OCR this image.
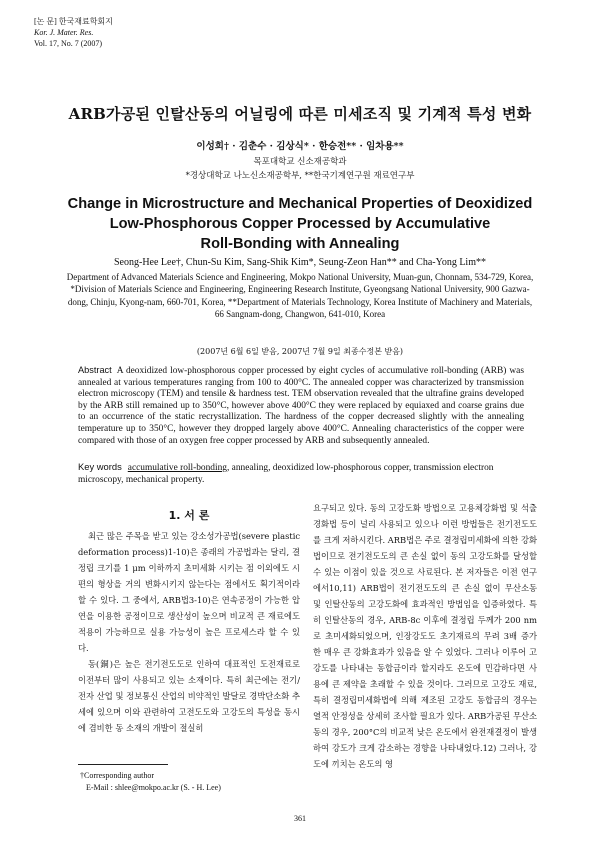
[논 문] 한국재료학회지
Kor. J. Mater. Res.
Vol. 17, No. 7 (2007)
ARB가공된 인탈산동의 어닐링에 따른 미세조직 및 기계적 특성 변화
이성희† · 김춘수 · 김상식* · 한승전** · 임차용**
목포대학교 신소재공학과
*경상대학교 나노신소재공학부, **한국기계연구원 재료연구부
Change in Microstructure and Mechanical Properties of Deoxidized
Low-Phosphorous Copper Processed by Accumulative
Roll-Bonding with Annealing
Seong-Hee Lee†, Chun-Su Kim, Sang-Shik Kim*, Seung-Zeon Han** and Cha-Yong Lim**
Department of Advanced Materials Science and Engineering, Mokpo National University, Muan-gun, Chonnam, 534-729, Korea, *Division of Materials Science and Engineering, Engineering Research Institute, Gyeongsang National University, 900 Gazwa-dong, Chinju, Kyong-nam, 660-701, Korea, **Department of Materials Technology, Korea Institute of Machinery and Materials, 66 Sangnam-dong, Changwon, 641-010, Korea
(2007년 6월 6일 받음, 2007년 7월 9일 최종수정본 받음)
Abstract A deoxidized low-phosphorous copper processed by eight cycles of accumulative roll-bonding (ARB) was annealed at various temperatures ranging from 100 to 400°C. The annealed copper was characterized by transmission electron microscopy (TEM) and tensile & hardness test. TEM observation revealed that the ultrafine grains developed by the ARB still remained up to 350°C, however above 400°C they were replaced by equiaxed and coarse grains due to an occurrence of the static recrystallization. The hardness of the copper decreased slightly with the annealing temperature up to 350°C, however they dropped largely above 400°C. Annealing characteristics of the copper were compared with those of an oxygen free copper processed by ARB and subsequently annealed.
Key words accumulative roll-bonding, annealing, deoxidized low-phosphorous copper, transmission electron microscopy, mechanical property.
1. 서 론

최근 많은 주목을 받고 있는 강소성가공법(severe plastic deformation process)1-10)은 종래의 가공법과는 달리, 결정립 크기를 1 μm 이하까지 초미세화 시키는 점 이외에도 시편의 형상을 거의 변화시키지 않는다는 점에서도 획기적이라 할 수 있다. 그 중에서, ARB법3-10)은 연속공정이 가능한 압연을 이용한 공정이므로 생산성이 높으며 비교적 큰 재료에도 적용이 가능하므로 실용 가능성이 높은 프로세스라 할 수 있다.

동(銅)은 높은 전기전도도로 인하여 대표적인 도전재료로 이전부터 많이 사용되고 있는 소재이다. 특히 최근에는 전기/전자 산업 및 정보통신 산업의 비약적인 발달로 경박단소화 추세에 있으며 이와 관련하여 고전도도와 고강도의 특성을 동시에 겸비한 동 소재의 개발이 절실히

요구되고 있다. 동의 고강도화 방법으로 고용체강화법 및 석출경화법 등이 널리 사용되고 있으나 이런 방법들은 전기전도도를 크게 저하시킨다. ARB법은 주로 결정립미세화에 의한 강화법이므로 전기전도도의 큰 손실 없이 동의 고강도화를 달성할 수 있는 이점이 있을 것으로 사료된다. 본 저자들은 이전 연구에서10,11) ARB법이 전기전도도의 큰 손실 없이 무산소동 및 인탈산동의 고강도화에 효과적인 방법임을 입증하였다. 특히 인탈산동의 경우, ARB-8c 이후에 결정립 두께가 200 nm로 초미세화되었으며, 인장강도도 초기재료의 무려 3배 증가한 매우 큰 강화효과가 있음을 알 수 있었다. 그러나 이루어 고강도를 나타내는 동합금이라 할지라도 온도에 민감하다면 사용에 큰 제약을 초래할 수 있을 것이다. 그러므로 고강도 재료, 특히 결정립미세화법에 의해 제조된 고강도 동합금의 경우는 열적 안정성을 상세히 조사할 필요가 있다. ARB가공된 무산소동의 경우, 200°C의 비교적 낮은 온도에서 완전재결정이 발생하여 강도가 크게 감소하는 경향을 나타내었다.12) 그러나, 강도에 끼치는 온도의 영

†Corresponding author
E-Mail : shlee@mokpo.ac.kr (S. - H. Lee)
361
